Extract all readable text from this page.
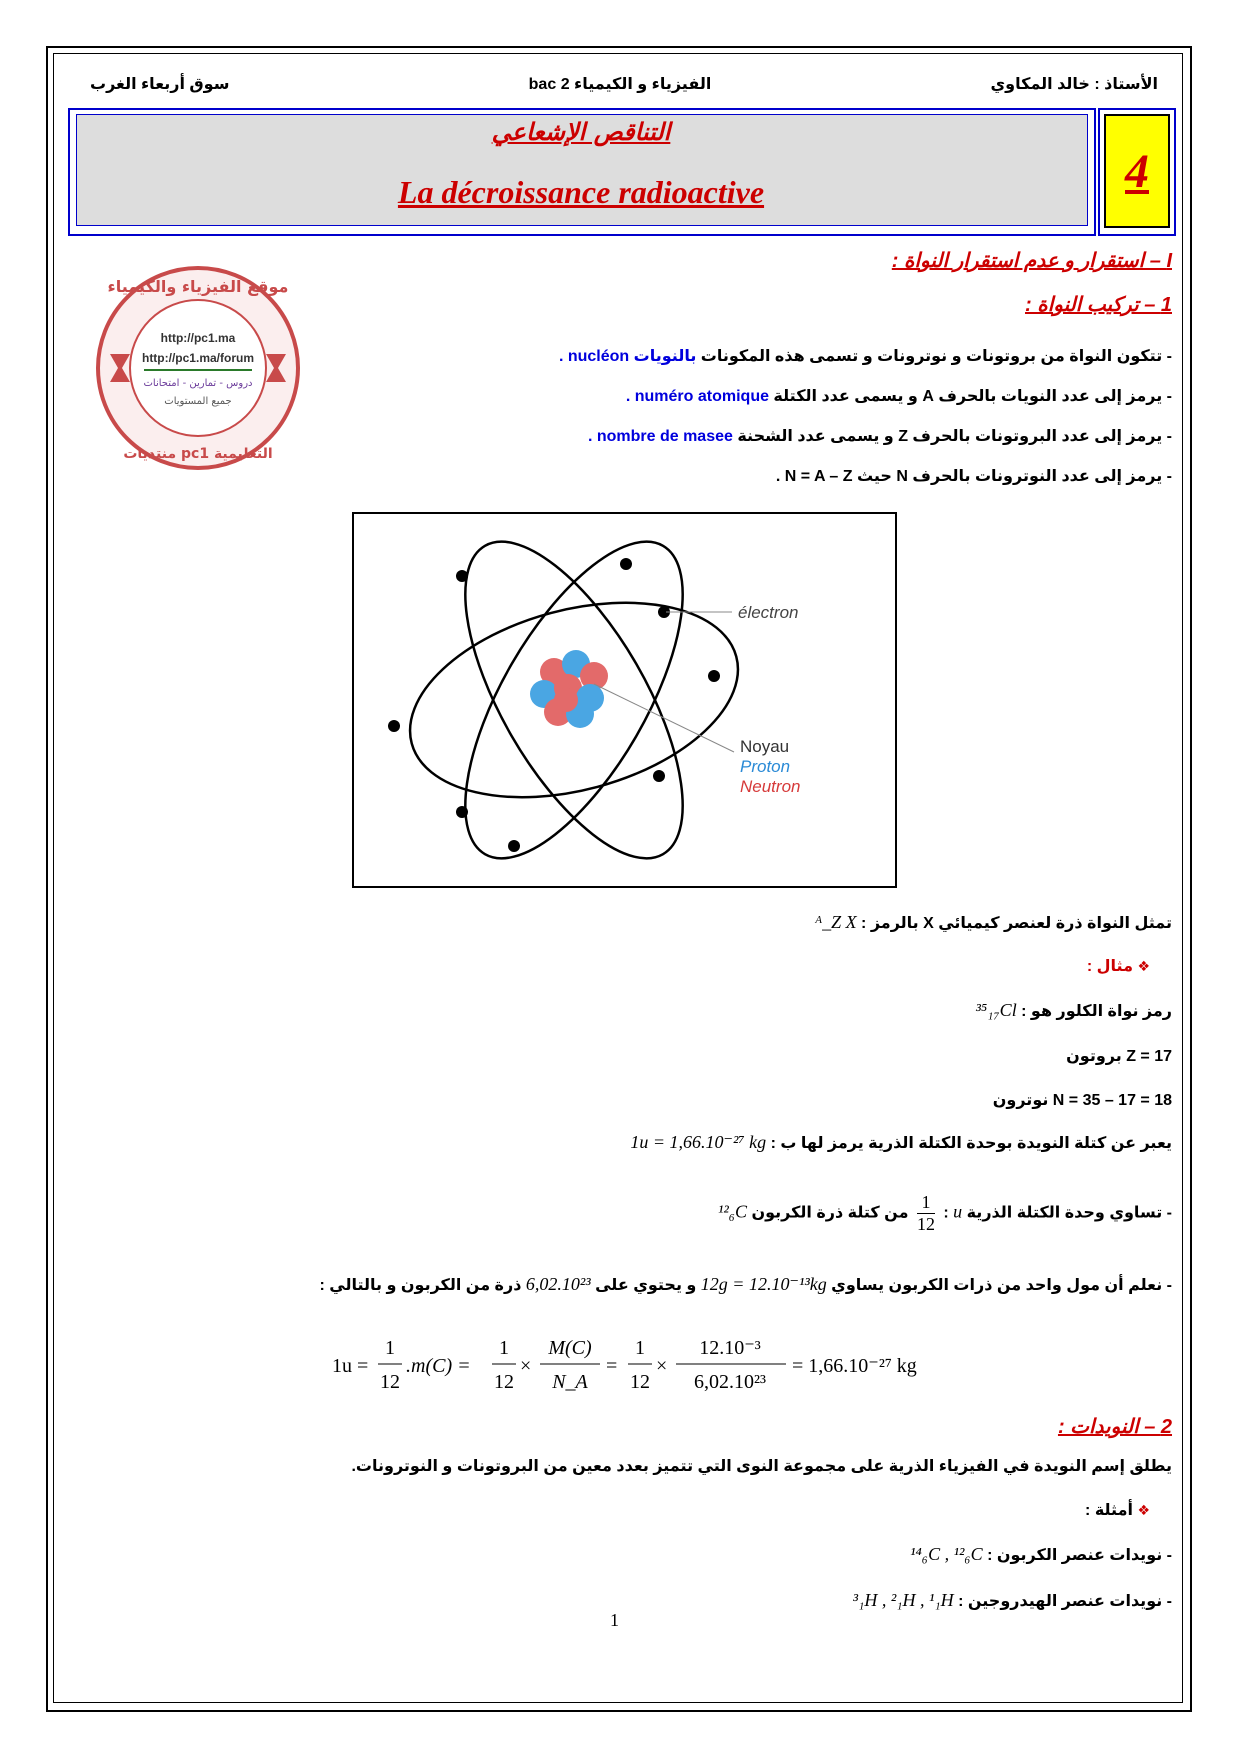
الأستاذ : خالد المكاوي
الفيزياء و الكيمياء 2 bac
سوق أربعاء الغرب
التناقص الإشعاعي
La décroissance radioactive	4
موقع الفيزياء والكيمياء
http://pc1.ma
http://pc1.ma/forum
دروس - تمارين - امتحانات
جميع المستويات
منتديات pc1 التعليمية
I – استقرار و عدم استقرار النواة :
1 – تركيب النواة :
- تتكون النواة من بروتونات و نوترونات و تسمى هذه المكونات بالنويات nucléon .
- يرمز إلى عدد النويات بالحرف A و يسمى عدد الكتلة numéro atomique .
- يرمز إلى عدد البروتونات بالحرف Z و يسمى عدد الشحنة nombre de masee .
- يرمز إلى عدد النوترونات بالحرف N حيث N = A – Z .
électron
Noyau
Proton
Neutron
تمثل النواة ذرة لعنصر كيميائي X بالرمز : ᴬ_Z X
❖ مثال :
رمز نواة الكلور هو : ³⁵₁₇Cl
Z = 17 بروتون
N = 35 – 17 = 18 نوترون
يعبر عن كتلة النويدة بوحدة الكتلة الذرية يرمز لها ب : 1u = 1,66.10⁻²⁷ kg
- تساوي وحدة الكتلة الذرية u :
$\frac{1}{12}$
من كتلة ذرة الكربون ¹²₆C
- نعلم أن مول واحد من ذرات الكربون يساوي 12g = 12.10⁻¹³kg و يحتوي على 6,02.10²³ ذرة من الكربون و بالتالي :
1u =
1
12
.m(C) =
1
12
×
M(C)
N_A
=
1
12
×
12.10⁻³
6,02.10²³
= 1,66.10⁻²⁷ kg
2 – النويدات :
يطلق إسم النويدة في الفيزياء الذرية على مجموعة النوى التي تتميز بعدد معين من البروتونات و النوترونات.
❖ أمثلة :
- نويدات عنصر الكربون : ¹⁴₆C , ¹²₆C
- نويدات عنصر الهيدروجين : ³₁H , ²₁H , ¹₁H
1
